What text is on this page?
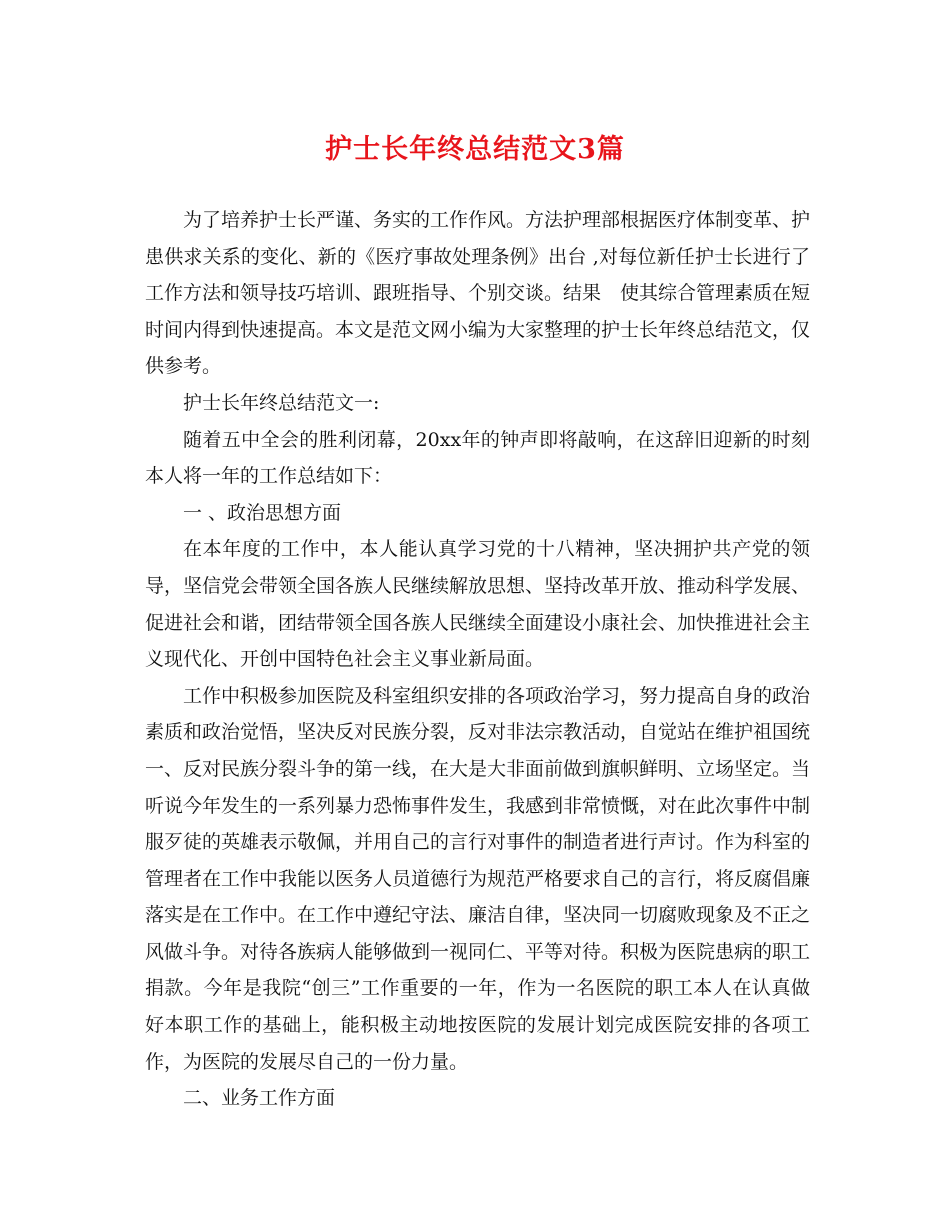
护士长年终总结范文3篇

为了培养护士长严谨、务实的工作作风。方法护理部根据医疗体制变革、护患供求关系的变化、新的《医疗事故处理条例》出台 ,对每位新任护士长进行了工作方法和领导技巧培训、跟班指导、个别交谈。结果　使其综合管理素质在短时间内得到快速提高。本文是范文网小编为大家整理的护士长年终总结范文，仅供参考。

护士长年终总结范文一:

随着五中全会的胜利闭幕，20xx年的钟声即将敲响，在这辞旧迎新的时刻本人将一年的工作总结如下：

一 、政治思想方面

在本年度的工作中，本人能认真学习党的十八精神，坚决拥护共产党的领导，坚信党会带领全国各族人民继续解放思想、坚持改革开放、推动科学发展、促进社会和谐，团结带领全国各族人民继续全面建设小康社会、加快推进社会主义现代化、开创中国特色社会主义事业新局面。

工作中积极参加医院及科室组织安排的各项政治学习，努力提高自身的政治素质和政治觉悟，坚决反对民族分裂，反对非法宗教活动，自觉站在维护祖国统一、反对民族分裂斗争的第一线，在大是大非面前做到旗帜鲜明、立场坚定。当听说今年发生的一系列暴力恐怖事件发生，我感到非常愤慨，对在此次事件中制服歹徒的英雄表示敬佩，并用自己的言行对事件的制造者进行声讨。作为科室的管理者在工作中我能以医务人员道德行为规范严格要求自己的言行，将反腐倡廉落实是在工作中。在工作中遵纪守法、廉洁自律，坚决同一切腐败现象及不正之风做斗争。对待各族病人能够做到一视同仁、平等对待。积极为医院患病的职工捐款。今年是我院“创三”工作重要的一年，作为一名医院的职工本人在认真做好本职工作的基础上，能积极主动地按医院的发展计划完成医院安排的各项工作，为医院的发展尽自己的一份力量。

二、业务工作方面
